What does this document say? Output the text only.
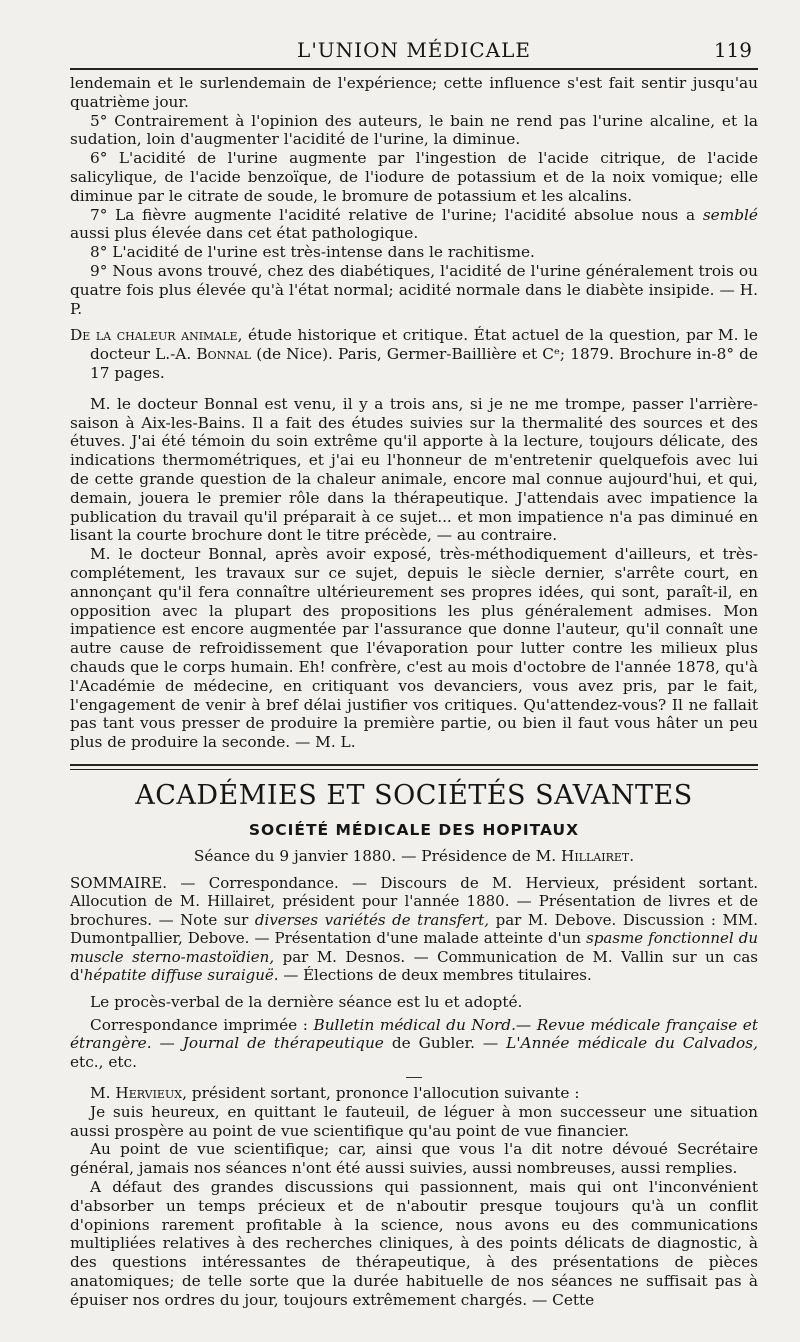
L'UNION MÉDICALE	119

lendemain et le surlendemain de l'expérience; cette influence s'est fait sentir jusqu'au quatrième jour.

5° Contrairement à l'opinion des auteurs, le bain ne rend pas l'urine alcaline, et la sudation, loin d'augmenter l'acidité de l'urine, la diminue.

6° L'acidité de l'urine augmente par l'ingestion de l'acide citrique, de l'acide salicylique, de l'acide benzoïque, de l'iodure de potassium et de la noix vomique; elle diminue par le citrate de soude, le bromure de potassium et les alcalins.

7° La fièvre augmente l'acidité relative de l'urine; l'acidité absolue nous a semblé aussi plus élevée dans cet état pathologique.

8° L'acidité de l'urine est très-intense dans le rachitisme.

9° Nous avons trouvé, chez des diabétiques, l'acidité de l'urine généralement trois ou quatre fois plus élevée qu'à l'état normal; acidité normale dans le diabète insipide. — H. P.

De la chaleur animale, étude historique et critique. État actuel de la question, par M. le docteur L.-A. Bonnal (de Nice). Paris, Germer-Baillière et Cᵉ; 1879. Brochure in-8° de 17 pages.

M. le docteur Bonnal est venu, il y a trois ans, si je ne me trompe, passer l'arrière-saison à Aix-les-Bains. Il a fait des études suivies sur la thermalité des sources et des étuves. J'ai été témoin du soin extrême qu'il apporte à la lecture, toujours délicate, des indications thermométriques, et j'ai eu l'honneur de m'entretenir quelquefois avec lui de cette grande question de la chaleur animale, encore mal connue aujourd'hui, et qui, demain, jouera le premier rôle dans la thérapeutique. J'attendais avec impatience la publication du travail qu'il préparait à ce sujet... et mon impatience n'a pas diminué en lisant la courte brochure dont le titre précède, — au contraire.

M. le docteur Bonnal, après avoir exposé, très-méthodiquement d'ailleurs, et très-complétement, les travaux sur ce sujet, depuis le siècle dernier, s'arrête court, en annonçant qu'il fera connaître ultérieurement ses propres idées, qui sont, paraît-il, en opposition avec la plupart des propositions les plus généralement admises. Mon impatience est encore augmentée par l'assurance que donne l'auteur, qu'il connaît une autre cause de refroidissement que l'évaporation pour lutter contre les milieux plus chauds que le corps humain. Eh! confrère, c'est au mois d'octobre de l'année 1878, qu'à l'Académie de médecine, en critiquant vos devanciers, vous avez pris, par le fait, l'engagement de venir à bref délai justifier vos critiques. Qu'attendez-vous? Il ne fallait pas tant vous presser de produire la première partie, ou bien il faut vous hâter un peu plus de produire la seconde. — M. L.

ACADÉMIES ET SOCIÉTÉS SAVANTES
SOCIÉTÉ MÉDICALE DES HOPITAUX
Séance du 9 janvier 1880. — Présidence de M. Hillairet.

SOMMAIRE. — Correspondance. — Discours de M. Hervieux, président sortant. Allocution de M. Hillairet, président pour l'année 1880. — Présentation de livres et de brochures. — Note sur diverses variétés de transfert, par M. Debove. Discussion : MM. Dumontpallier, Debove. — Présentation d'une malade atteinte d'un spasme fonctionnel du muscle sterno-mastoïdien, par M. Desnos. — Communication de M. Vallin sur un cas d'hépatite diffuse suraiguë. — Élections de deux membres titulaires.

Le procès-verbal de la dernière séance est lu et adopté.

Correspondance imprimée : Bulletin médical du Nord.— Revue médicale française et étrangère. — Journal de thérapeutique de Gubler. — L'Année médicale du Calvados, etc., etc.

M. Hervieux, président sortant, prononce l'allocution suivante :

Je suis heureux, en quittant le fauteuil, de léguer à mon successeur une situation aussi prospère au point de vue scientifique qu'au point de vue financier.

Au point de vue scientifique; car, ainsi que vous l'a dit notre dévoué Secrétaire général, jamais nos séances n'ont été aussi suivies, aussi nombreuses, aussi remplies.

A défaut des grandes discussions qui passionnent, mais qui ont l'inconvénient d'absorber un temps précieux et de n'aboutir presque toujours qu'à un conflit d'opinions rarement profitable à la science, nous avons eu des communications multipliées relatives à des recherches cliniques, à des points délicats de diagnostic, à des questions intéressantes de thérapeutique, à des présentations de pièces anatomiques; de telle sorte que la durée habituelle de nos séances ne suffisait pas à épuiser nos ordres du jour, toujours extrêmement chargés. — Cette
